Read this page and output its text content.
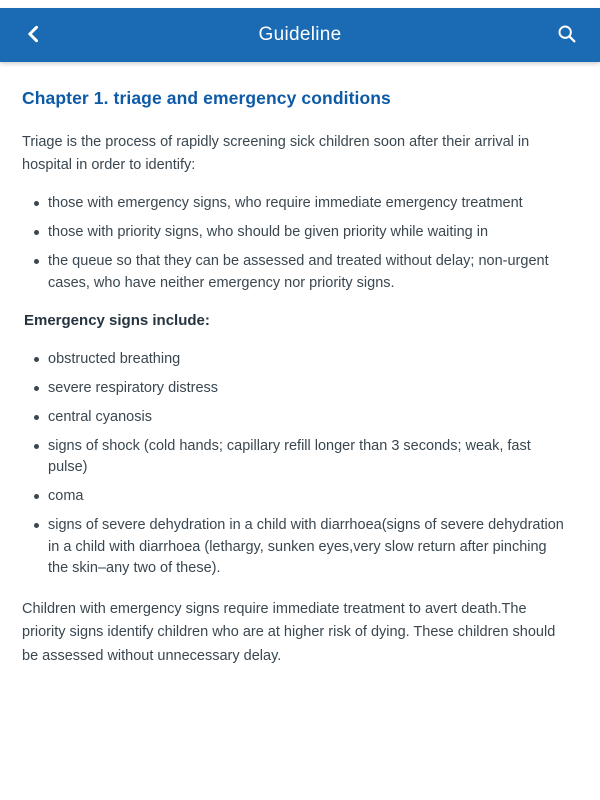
Guideline
Chapter 1. triage and emergency conditions

Triage is the process of rapidly screening sick children soon after their arrival in hospital in order to identify:

those with emergency signs, who require immediate emergency treatment
those with priority signs, who should be given priority while waiting in
the queue so that they can be assessed and treated without delay; non-urgent cases, who have neither emergency nor priority signs.
Emergency signs include:
obstructed breathing
severe respiratory distress
central cyanosis
signs of shock (cold hands; capillary refill longer than 3 seconds; weak, fast pulse)
coma
signs of severe dehydration in a child with diarrhoea(signs of severe dehydration in a child with diarrhoea (lethargy, sunken eyes,very slow return after pinching the skin–any two of these).

Children with emergency signs require immediate treatment to avert death.The priority signs identify children who are at higher risk of dying. These children should be assessed without unnecessary delay.
